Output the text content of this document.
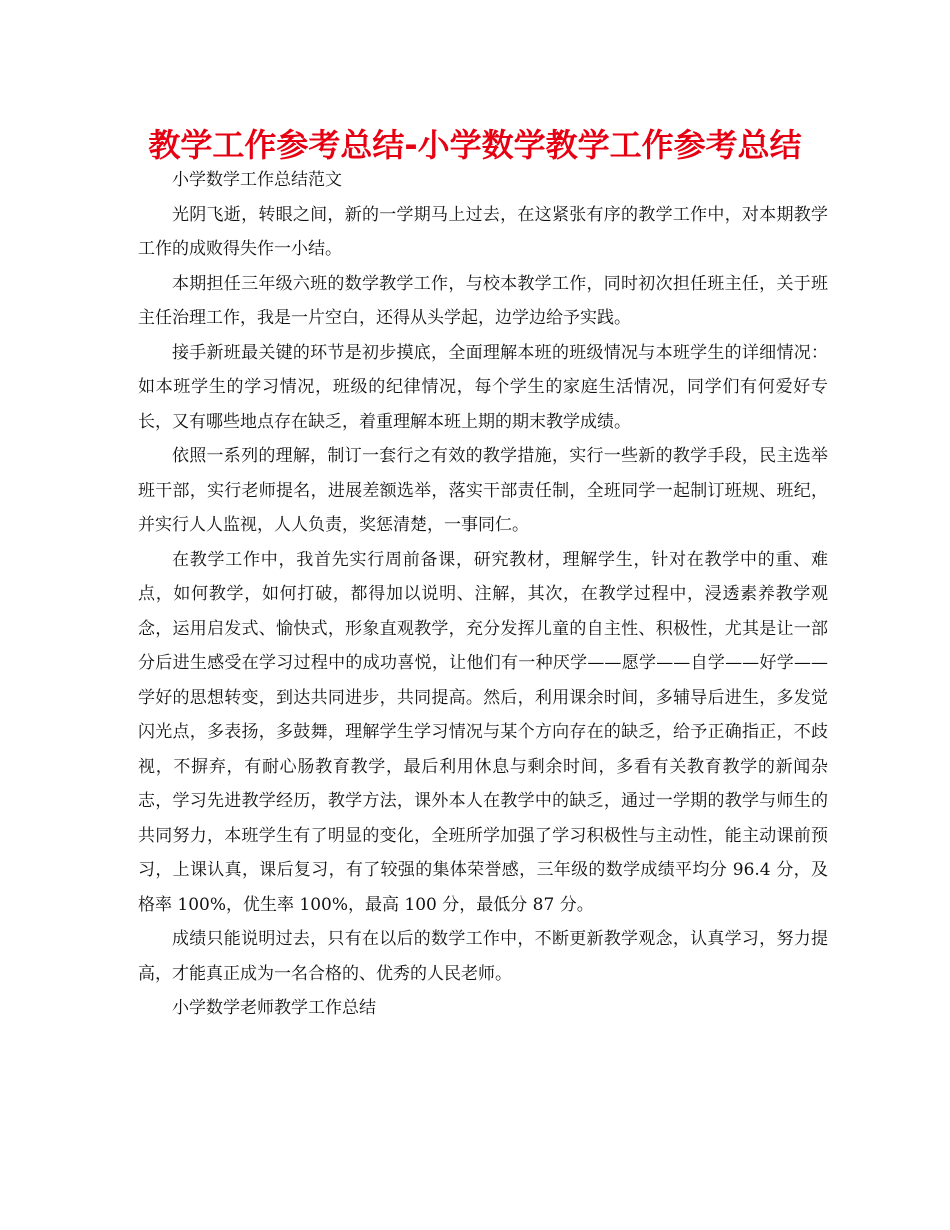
教学工作参考总结-小学数学教学工作参考总结

小学数学工作总结范文

光阴飞逝，转眼之间，新的一学期马上过去，在这紧张有序的教学工作中，对本期教学工作的成败得失作一小结。

本期担任三年级六班的数学教学工作，与校本教学工作，同时初次担任班主任，关于班主任治理工作，我是一片空白，还得从头学起，边学边给予实践。

接手新班最关键的环节是初步摸底，全面理解本班的班级情况与本班学生的详细情况：如本班学生的学习情况，班级的纪律情况，每个学生的家庭生活情况，同学们有何爱好专长，又有哪些地点存在缺乏，着重理解本班上期的期末教学成绩。

依照一系列的理解，制订一套行之有效的教学措施，实行一些新的教学手段，民主选举班干部，实行老师提名，进展差额选举，落实干部责任制，全班同学一起制订班规、班纪，并实行人人监视，人人负责，奖惩清楚，一事同仁。

在教学工作中，我首先实行周前备课，研究教材，理解学生，针对在教学中的重、难点，如何教学，如何打破，都得加以说明、注解，其次，在教学过程中，浸透素养教学观念，运用启发式、愉快式，形象直观教学，充分发挥儿童的自主性、积极性，尤其是让一部分后进生感受在学习过程中的成功喜悦，让他们有一种厌学——愿学——自学——好学——学好的思想转变，到达共同进步，共同提高。然后，利用课余时间，多辅导后进生，多发觉闪光点，多表扬，多鼓舞，理解学生学习情况与某个方向存在的缺乏，给予正确指正，不歧视，不摒弃，有耐心肠教育教学，最后利用休息与剩余时间，多看有关教育教学的新闻杂志，学习先进教学经历，教学方法，课外本人在教学中的缺乏，通过一学期的教学与师生的共同努力，本班学生有了明显的变化，全班所学加强了学习积极性与主动性，能主动课前预习，上课认真，课后复习，有了较强的集体荣誉感，三年级的数学成绩平均分 96.4 分，及格率 100%，优生率 100%，最高 100 分，最低分 87 分。

成绩只能说明过去，只有在以后的数学工作中，不断更新教学观念，认真学习，努力提高，才能真正成为一名合格的、优秀的人民老师。

小学数学老师教学工作总结
